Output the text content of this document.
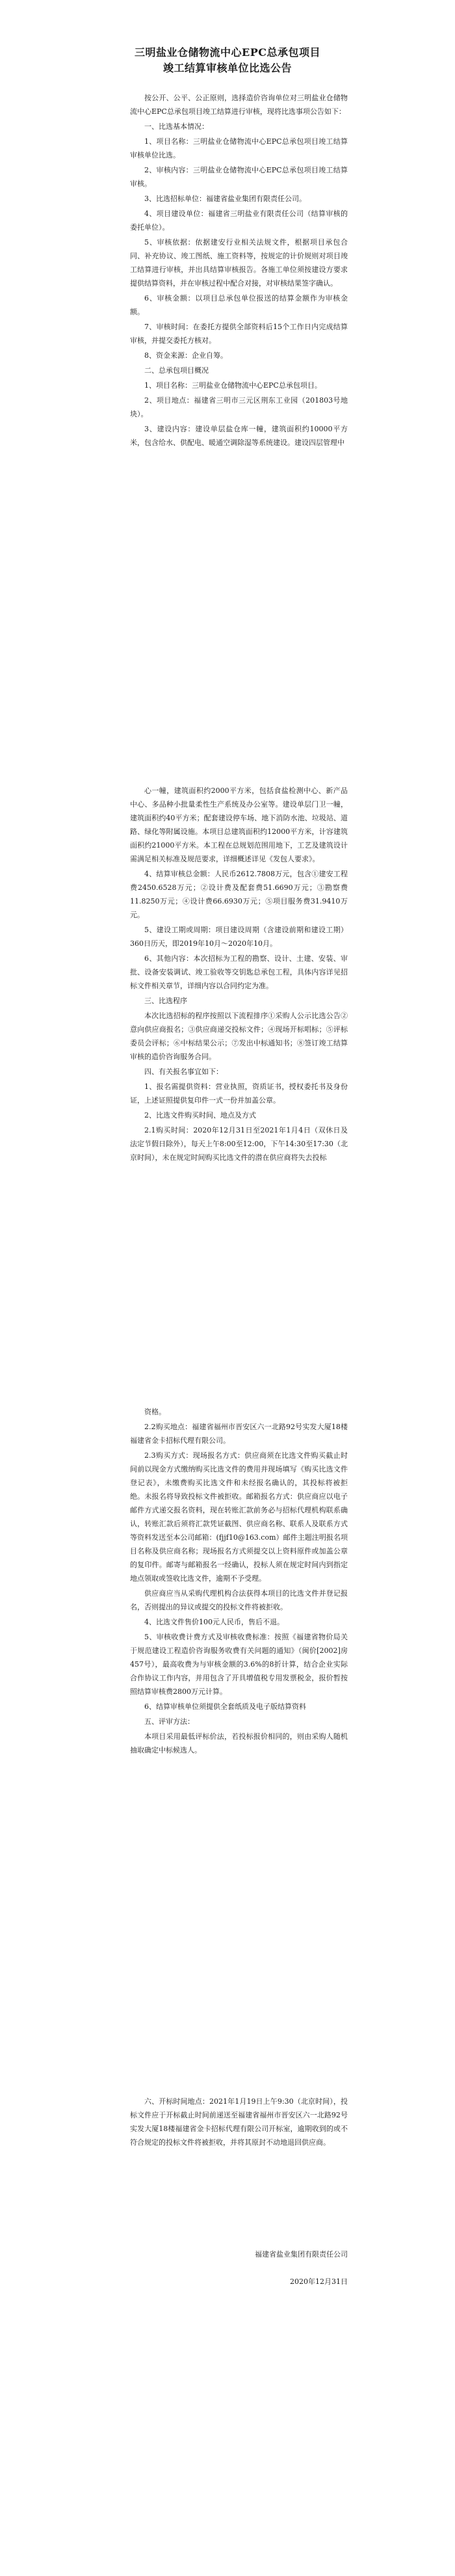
三明盐业仓储物流中心EPC总承包项目
竣工结算审核单位比选公告

按公开、公平、公正原则，选择造价咨询单位对三明盐业仓储物流中心EPC总承包项目竣工结算进行审核，现将比选事项公告如下：

一、比选基本情况：

1、项目名称：三明盐业仓储物流中心EPC总承包项目竣工结算审核单位比选。

2、审核内容：三明盐业仓储物流中心EPC总承包项目竣工结算审核。

3、比选招标单位：福建省盐业集团有限责任公司。

4、项目建设单位：福建省三明盐业有限责任公司（结算审核的委托单位）。

5、审核依据：依据建安行业相关法规文件，根据项目承包合同、补充协议、竣工图纸、施工资料等，按规定的计价规则对项目竣工结算进行审核，并出具结算审核报告。各施工单位须按建设方要求提供结算资料，并在审核过程中配合对接，对审核结果签字确认。

6、审核金额：以项目总承包单位报送的结算金额作为审核金额。

7、审核时间：在委托方提供全部资料后15个工作日内完成结算审核，并提交委托方核对。

8、资金来源：企业自筹。

二、总承包项目概况

1、项目名称：三明盐业仓储物流中心EPC总承包项目。

2、项目地点：福建省三明市三元区荆东工业园（201803号地块）。

3、建设内容：建设单层盐仓库一幢，建筑面积约10000平方米，包含给水、供配电、暖通空调除湿等系统建设。建设四层管理中

心一幢，建筑面积约2000平方米，包括食盐检测中心、新产品中心、多品种小批量柔性生产系统及办公室等。建设单层门卫一幢，建筑面积约40平方米；配套建设停车场、地下消防水池、垃圾站、道路、绿化等附属设施。本项目总建筑面积约12000平方米，计容建筑面积约21000平方米。本工程在总规划范围用地下，工艺及建筑设计需满足相关标准及规范要求，详细概述详见《发包人要求》。

4、结算审核总金额：人民币2612.7808万元，包含①建安工程费2450.6528万元；②设计费及配套费51.6690万元；③勘察费11.8250万元；④设计费66.6930万元；⑤项目服务费31.9410万元。

5、建设工期或周期：项目建设周期（含建设前期和建设工期）360日历天，即2019年10月～2020年10月。

6、其他内容：本次招标为工程的勘察、设计、土建、安装、审批、设备安装调试、竣工验收等交钥匙总承包工程，具体内容详见招标文件相关章节，详细内容以合同约定为准。

三、比选程序

本次比选招标的程序按照以下流程排序①采购人公示比选公告②意向供应商报名；③供应商递交投标文件；④现场开标唱标；⑤评标委员会评标；⑥中标结果公示；⑦发出中标通知书；⑧签订竣工结算审核的造价咨询服务合同。

四、有关报名事宜如下：

1、报名需提供资料：营业执照，资质证书，授权委托书及身份证，上述证照提供复印件一式一份并加盖公章。

2、比选文件购买时间、地点及方式

2.1购买时间：2020年12月31日至2021年1月4日（双休日及法定节假日除外），每天上午8:00至12:00，下午14:30至17:30（北京时间），未在规定时间购买比选文件的潜在供应商将失去投标

资格。

2.2购买地点：福建省福州市晋安区六一北路92号实发大厦18楼福建省金卡招标代理有限公司。

2.3购买方式：现场报名方式：供应商须在比选文件购买截止时间前以现金方式缴纳购买比选文件的费用并现场填写《购买比选文件登记表》，未缴费购买比选文件和未经报名确认的，其投标将被拒绝。未报名将导致投标文件被拒收。邮箱报名方式：供应商应以电子邮件方式递交报名资料，现在转账汇款前务必与招标代理机构联系确认，转账汇款后须将汇款凭证截图、供应商名称、联系人及联系方式等资料发送至本公司邮箱：(fjjf10@163.com）邮件主题注明报名项目名称及供应商名称；现场报名方式须提交以上资料原件或加盖公章的复印件。邮寄与邮箱报名一经确认，投标人须在规定时间内到指定地点领取或签收比选文件，逾期不予受理。

供应商应当从采购代理机构合法获得本项目的比选文件并登记报名，否则提出的异议或提交的投标文件将被拒收。

4、比选文件售价100元人民币，售后不退。

5、审核收费计费方式及审核收费标准：按照《福建省物价局关于规范建设工程造价咨询服务收费有关问题的通知》（闽价[2002]房457号），最高收费为与审核金额的3.6%的8折计算，结合企业实际合作协议工作内容，并用包含了开具增值税专用发票税金，报价暂按照结算审核费2800万元计算。

6、结算审核单位须提供全套纸质及电子版结算资料

五、评审方法：

本项目采用最低评标价法，若投标报价相同的，则由采购人随机抽取确定中标候选人。

六、开标时间地点：2021年1月19日上午9:30（北京时间），投标文件应于开标截止时间前递送至福建省福州市晋安区六一北路92号实发大厦18楼福建省金卡招标代理有限公司开标室，逾期收到的或不符合规定的投标文件将被拒收，并将其原封不动地退回供应商。

福建省盐业集团有限责任公司
2020年12月31日
